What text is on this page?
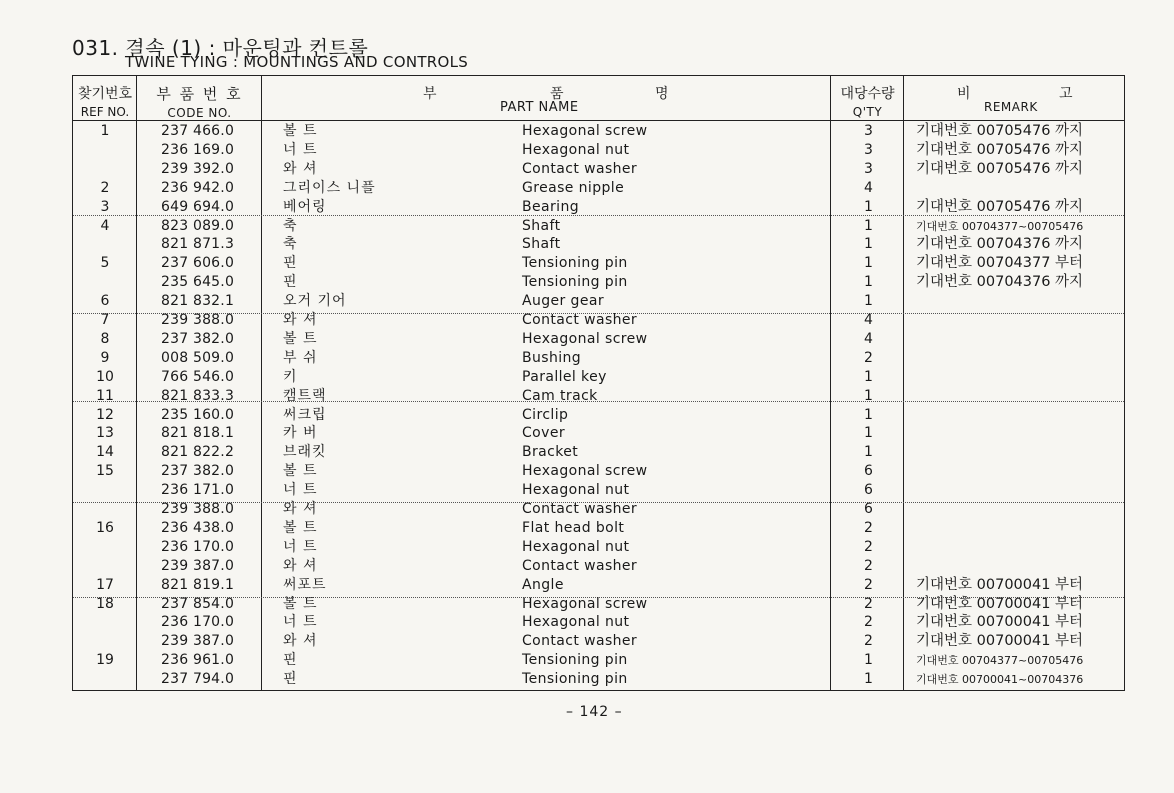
031. 결속 (1) : 마운팅과 컨트롤
TWINE TYING : MOUNTINGS AND CONTROLS
찾기번호
REF NO.
부 품 번 호
CODE NO.
부	품	명
PART NAME
대당수량
Q'TY
비	고
REMARK
1	237 466.0	볼 트	Hexagonal screw	3	기대번호 00705476 까지
236 169.0	너 트	Hexagonal nut	3	기대번호 00705476 까지
239 392.0	와 셔	Contact washer	3	기대번호 00705476 까지
2	236 942.0	그리이스 니플	Grease nipple	4
3	649 694.0	베어링	Bearing	1	기대번호 00705476 까지
4	823 089.0	축	Shaft	1	기대번호 00704377~00705476
821 871.3	축	Shaft	1	기대번호 00704376 까지
5	237 606.0	핀	Tensioning pin	1	기대번호 00704377 부터
235 645.0	핀	Tensioning pin	1	기대번호 00704376 까지
6	821 832.1	오거 기어	Auger gear	1
7	239 388.0	와 셔	Contact washer	4
8	237 382.0	볼 트	Hexagonal screw	4
9	008 509.0	부 쉬	Bushing	2
10	766 546.0	키	Parallel key	1
11	821 833.3	캠트랙	Cam track	1
12	235 160.0	써크립	Circlip	1
13	821 818.1	카 버	Cover	1
14	821 822.2	브래킷	Bracket	1
15	237 382.0	볼 트	Hexagonal screw	6
236 171.0	너 트	Hexagonal nut	6
239 388.0	와 셔	Contact washer	6
16	236 438.0	볼 트	Flat head bolt	2
236 170.0	너 트	Hexagonal nut	2
239 387.0	와 셔	Contact washer	2
17	821 819.1	써포트	Angle	2	기대번호 00700041 부터
18	237 854.0	볼 트	Hexagonal screw	2	기대번호 00700041 부터
236 170.0	너 트	Hexagonal nut	2	기대번호 00700041 부터
239 387.0	와 셔	Contact washer	2	기대번호 00700041 부터
19	236 961.0	핀	Tensioning pin	1	기대번호 00704377~00705476
237 794.0	핀	Tensioning pin	1	기대번호 00700041~00704376
– 142 –
